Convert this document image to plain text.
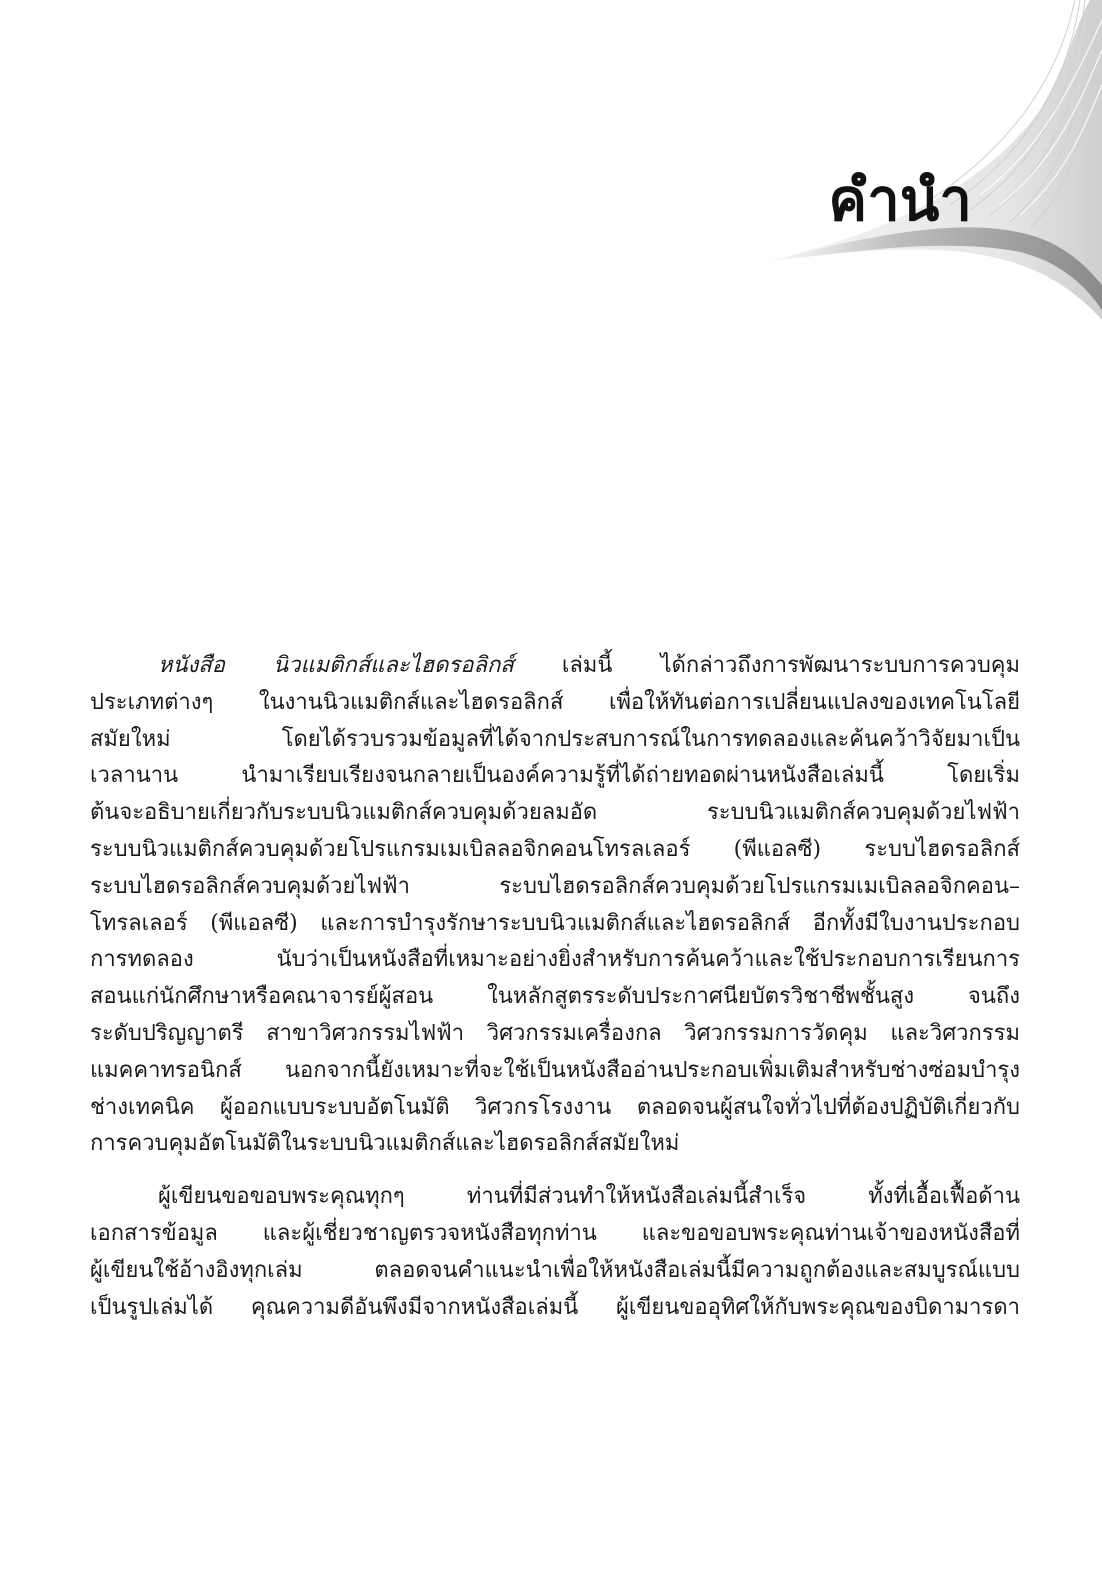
คำนำ
หนังสือ นิวแมติกส์และไฮดรอลิกส์ เล่มนี้ ได้กล่าวถึงการพัฒนาระบบการควบคุม
ประเภทต่างๆ ในงานนิวแมติกส์และไฮดรอลิกส์ เพื่อให้ทันต่อการเปลี่ยนแปลงของเทคโนโลยี
สมัยใหม่ โดยได้รวบรวมข้อมูลที่ได้จากประสบการณ์ในการทดลองและค้นคว้าวิจัยมาเป็น
เวลานาน นำมาเรียบเรียงจนกลายเป็นองค์ความรู้ที่ได้ถ่ายทอดผ่านหนังสือเล่มนี้ โดยเริ่ม
ต้นจะอธิบายเกี่ยวกับระบบนิวแมติกส์ควบคุมด้วยลมอัด ระบบนิวแมติกส์ควบคุมด้วยไฟฟ้า
ระบบนิวแมติกส์ควบคุมด้วยโปรแกรมเมเบิลลอจิกคอนโทรลเลอร์ (พีแอลซี) ระบบไฮดรอลิกส์
ระบบไฮดรอลิกส์ควบคุมด้วยไฟฟ้า ระบบไฮดรอลิกส์ควบคุมด้วยโปรแกรมเมเบิลลอจิกคอน–
โทรลเลอร์ (พีแอลซี) และการบำรุงรักษาระบบนิวแมติกส์และไฮดรอลิกส์ อีกทั้งมีใบงานประกอบ
การทดลอง นับว่าเป็นหนังสือที่เหมาะอย่างยิ่งสำหรับการค้นคว้าและใช้ประกอบการเรียนการ
สอนแก่นักศึกษาหรือคณาจารย์ผู้สอน ในหลักสูตรระดับประกาศนียบัตรวิชาชีพชั้นสูง จนถึง
ระดับปริญญาตรี สาขาวิศวกรรมไฟฟ้า วิศวกรรมเครื่องกล วิศวกรรมการวัดคุม และวิศวกรรม
แมคคาทรอนิกส์ นอกจากนี้ยังเหมาะที่จะใช้เป็นหนังสืออ่านประกอบเพิ่มเติมสำหรับช่างซ่อมบำรุง
ช่างเทคนิค ผู้ออกแบบระบบอัตโนมัติ วิศวกรโรงงาน ตลอดจนผู้สนใจทั่วไปที่ต้องปฏิบัติเกี่ยวกับ
การควบคุมอัตโนมัติในระบบนิวแมติกส์และไฮดรอลิกส์สมัยใหม่
ผู้เขียนขอขอบพระคุณทุกๆ ท่านที่มีส่วนทำให้หนังสือเล่มนี้สำเร็จ ทั้งที่เอื้อเฟื้อด้าน
เอกสารข้อมูล และผู้เชี่ยวชาญตรวจหนังสือทุกท่าน และขอขอบพระคุณท่านเจ้าของหนังสือที่
ผู้เขียนใช้อ้างอิงทุกเล่ม ตลอดจนคำแนะนำเพื่อให้หนังสือเล่มนี้มีความถูกต้องและสมบูรณ์แบบ
เป็นรูปเล่มได้ คุณความดีอันพึงมีจากหนังสือเล่มนี้ ผู้เขียนขออุทิศให้กับพระคุณของบิดามารดา
